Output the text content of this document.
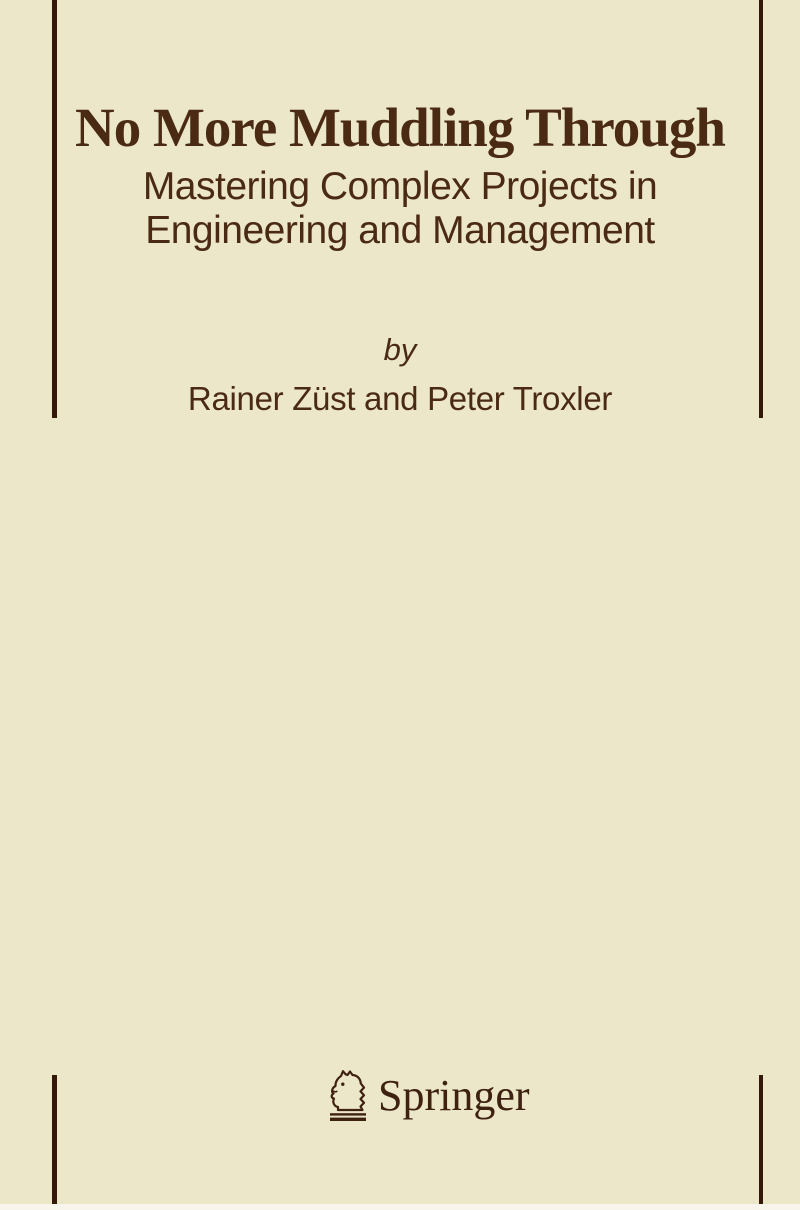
No More Muddling Through
Mastering Complex Projects in
Engineering and Management
by
Rainer Züst and Peter Troxler
Springer
